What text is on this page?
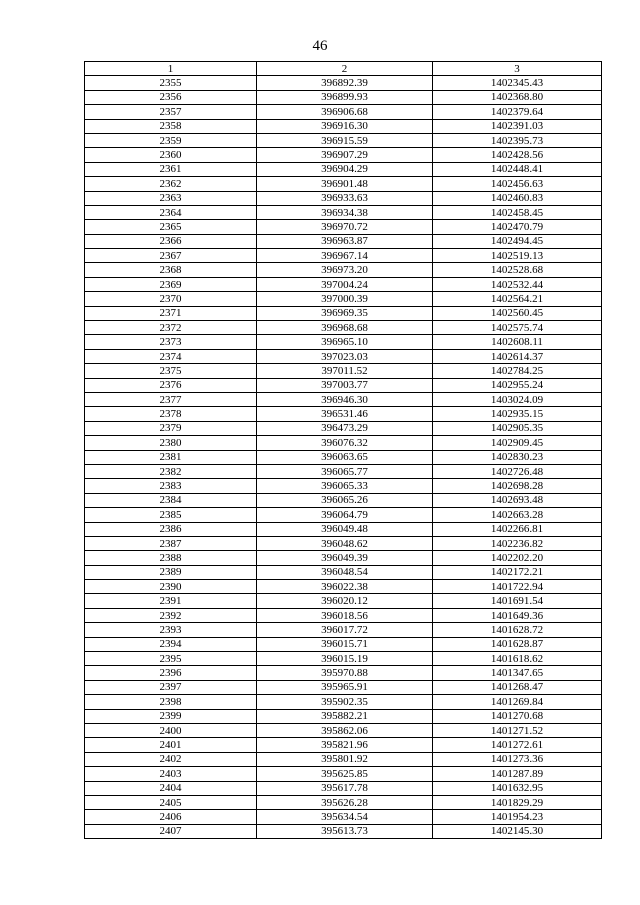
46
1	2	3
2355	396892.39	1402345.43
2356	396899.93	1402368.80
2357	396906.68	1402379.64
2358	396916.30	1402391.03
2359	396915.59	1402395.73
2360	396907.29	1402428.56
2361	396904.29	1402448.41
2362	396901.48	1402456.63
2363	396933.63	1402460.83
2364	396934.38	1402458.45
2365	396970.72	1402470.79
2366	396963.87	1402494.45
2367	396967.14	1402519.13
2368	396973.20	1402528.68
2369	397004.24	1402532.44
2370	397000.39	1402564.21
2371	396969.35	1402560.45
2372	396968.68	1402575.74
2373	396965.10	1402608.11
2374	397023.03	1402614.37
2375	397011.52	1402784.25
2376	397003.77	1402955.24
2377	396946.30	1403024.09
2378	396531.46	1402935.15
2379	396473.29	1402905.35
2380	396076.32	1402909.45
2381	396063.65	1402830.23
2382	396065.77	1402726.48
2383	396065.33	1402698.28
2384	396065.26	1402693.48
2385	396064.79	1402663.28
2386	396049.48	1402266.81
2387	396048.62	1402236.82
2388	396049.39	1402202.20
2389	396048.54	1402172.21
2390	396022.38	1401722.94
2391	396020.12	1401691.54
2392	396018.56	1401649.36
2393	396017.72	1401628.72
2394	396015.71	1401628.87
2395	396015.19	1401618.62
2396	395970.88	1401347.65
2397	395965.91	1401268.47
2398	395902.35	1401269.84
2399	395882.21	1401270.68
2400	395862.06	1401271.52
2401	395821.96	1401272.61
2402	395801.92	1401273.36
2403	395625.85	1401287.89
2404	395617.78	1401632.95
2405	395626.28	1401829.29
2406	395634.54	1401954.23
2407	395613.73	1402145.30
